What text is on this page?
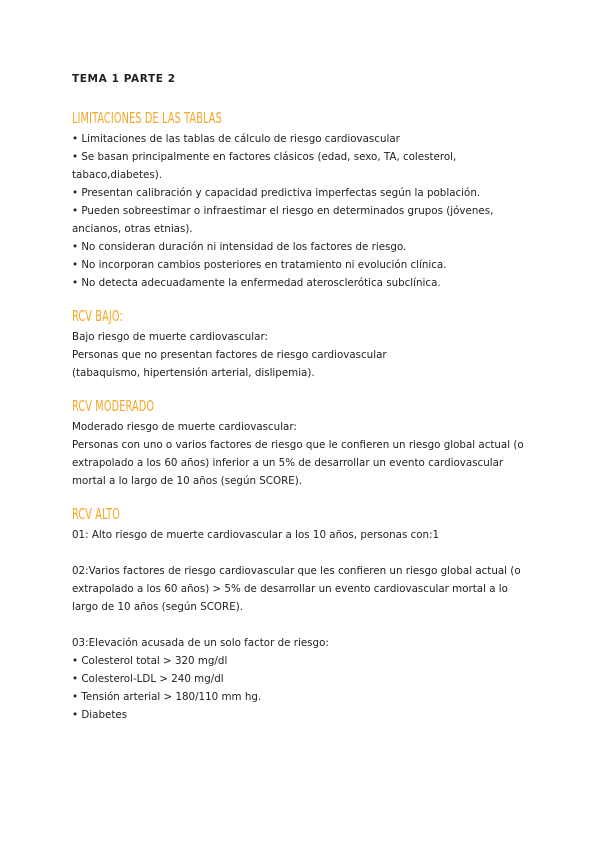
TEMA 1 PARTE 2
LIMITACIONES DE LAS TABLAS
• Limitaciones de las tablas de cálculo de riesgo cardiovascular
• Se basan principalmente en factores clásicos (edad, sexo, TA, colesterol, tabaco,diabetes).
• Presentan calibración y capacidad predictiva imperfectas según la población.
• Pueden sobreestimar o infraestimar el riesgo en determinados grupos (jóvenes, ancianos, otras etnias).
• No consideran duración ni intensidad de los factores de riesgo.
• No incorporan cambios posteriores en tratamiento ni evolución clínica.
• No detecta adecuadamente la enfermedad aterosclerótica subclínica.
RCV BAJO:

Bajo riesgo de muerte cardiovascular:

Personas que no presentan factores de riesgo cardiovascular

(tabaquismo, hipertensión arterial, dislipemia).

RCV MODERADO

Moderado riesgo de muerte cardiovascular:

Personas con uno o varios factores de riesgo que le confieren un riesgo global actual (o extrapolado a los 60 años) inferior a un 5% de desarrollar un evento cardiovascular mortal a lo largo de 10 años (según SCORE).

RCV ALTO

01: Alto riesgo de muerte cardiovascular a los 10 años, personas con:1

02:Varios factores de riesgo cardiovascular que les confieren un riesgo global actual (o extrapolado a los 60 años) > 5% de desarrollar un evento cardiovascular mortal a lo largo de 10 años (según SCORE).

03:Elevación acusada de un solo factor de riesgo:

• Colesterol total > 320 mg/dl
• Colesterol-LDL > 240 mg/dl
• Tensión arterial > 180/110 mm hg.
• Diabetes
